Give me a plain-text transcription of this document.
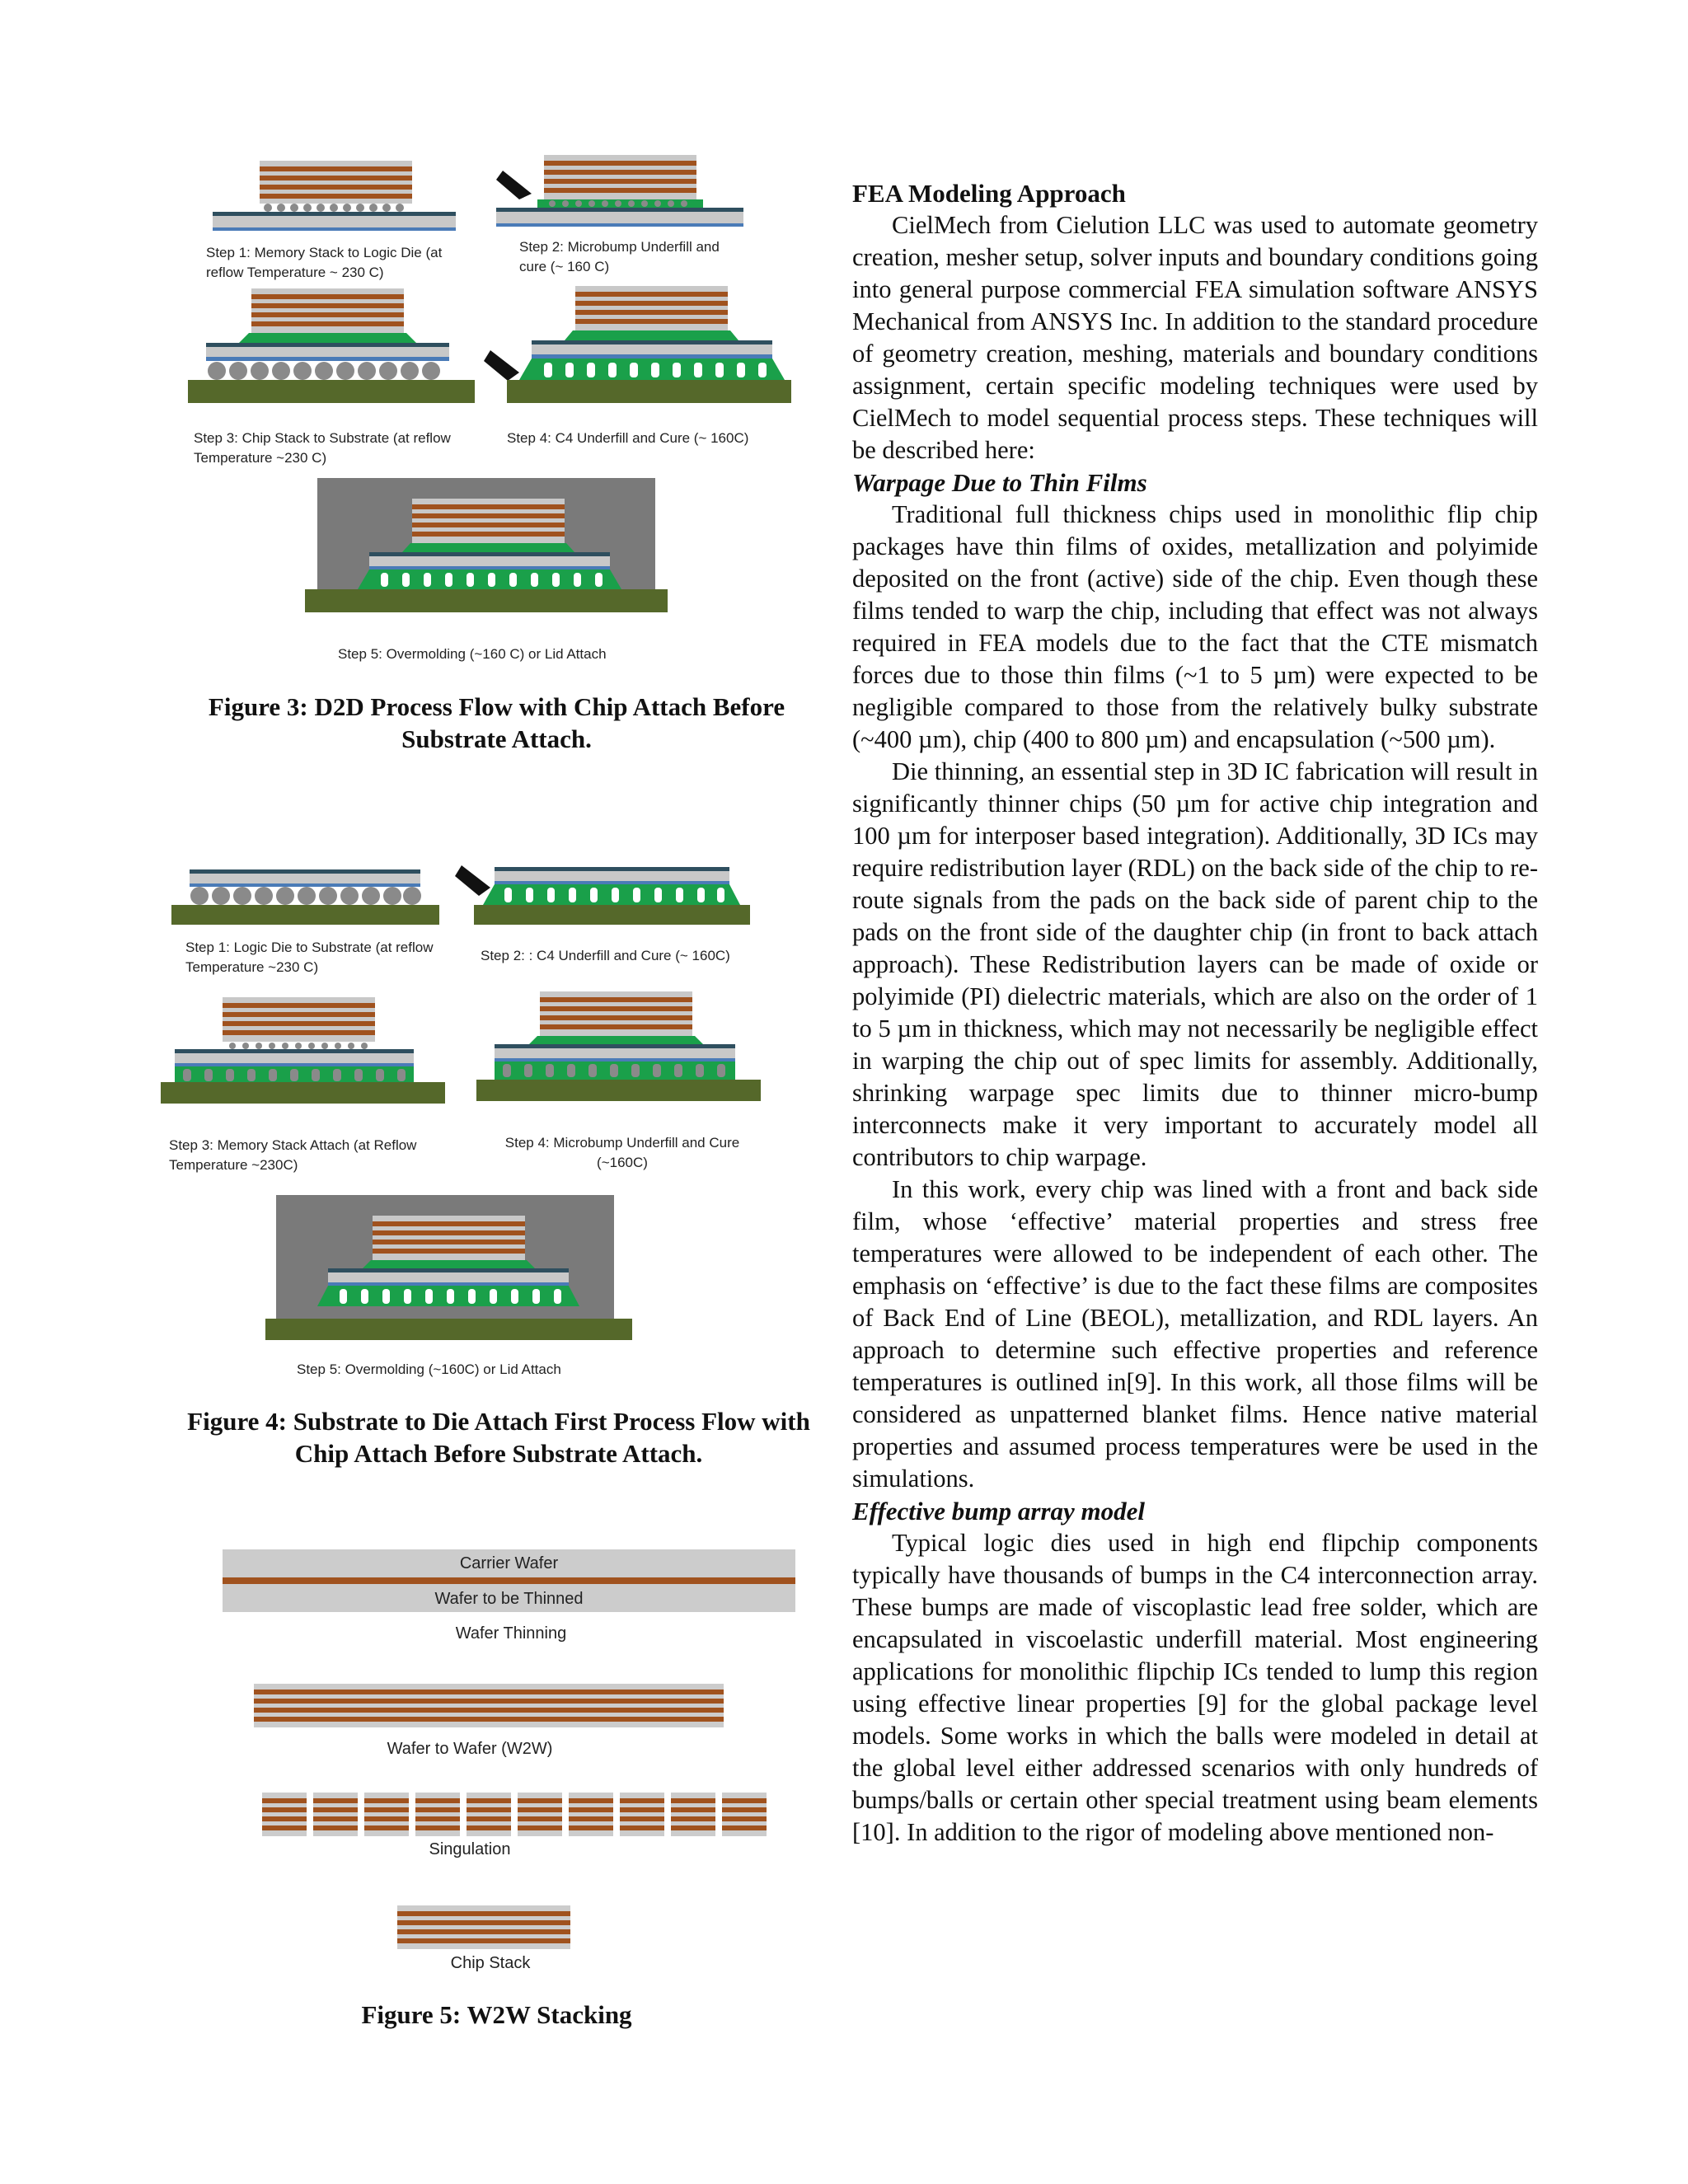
Step 1: Memory Stack to Logic Die (at reflow Temperature ~ 230 C)
Step 2: Microbump Underfill and cure (~ 160 C)
Step 3: Chip Stack to Substrate (at reflow Temperature ~230 C)
Step 4: C4 Underfill and Cure (~ 160C)
Step 5: Overmolding (~160 C) or Lid Attach
Figure 3: D2D Process Flow with Chip Attach Before Substrate Attach.
Step 1: Logic Die to Substrate (at reflow Temperature ~230 C)
Step 2: : C4 Underfill and Cure (~ 160C)
Step 3: Memory Stack Attach (at Reflow Temperature ~230C)
Step 4: Microbump Underfill and Cure (~160C)
Step 5: Overmolding (~160C) or Lid Attach
Figure 4: Substrate to Die Attach First Process Flow with Chip Attach Before Substrate Attach.
Carrier Wafer
Wafer to be Thinned
Wafer Thinning
Wafer to Wafer (W2W)
Singulation
Chip Stack
Figure 5: W2W Stacking

FEA Modeling Approach

CielMech from Cielution LLC was used to automate geometry creation, mesher setup, solver inputs and boundary conditions going into general purpose commercial FEA simulation software ANSYS Mechanical from ANSYS Inc. In addition to the standard procedure of geometry creation, meshing, materials and boundary conditions assignment, certain specific modeling techniques were used by CielMech to model sequential process steps. These techniques will be described here:

Warpage Due to Thin Films

Traditional full thickness chips used in monolithic flip chip packages have thin films of oxides, metallization and polyimide deposited on the front (active) side of the chip. Even though these films tended to warp the chip, including that effect was not always required in FEA models due to the fact that the CTE mismatch forces due to those thin films (~1 to 5 µm) were expected to be negligible compared to those from the relatively bulky substrate (~400 µm), chip (400 to 800 µm) and encapsulation (~500 µm).

Die thinning, an essential step in 3D IC fabrication will result in significantly thinner chips (50 µm for active chip integration and 100 µm for interposer based integration). Additionally, 3D ICs may require redistribution layer (RDL) on the back side of the chip to re-route signals from the pads on the back side of parent chip to the pads on the front side of the daughter chip (in front to back attach approach). These Redistribution layers can be made of oxide or polyimide (PI) dielectric materials, which are also on the order of 1 to 5 µm in thickness, which may not necessarily be negligible effect in warping the chip out of spec limits for assembly. Additionally, shrinking warpage spec limits due to thinner micro-bump interconnects make it very important to accurately model all contributors to chip warpage.

In this work, every chip was lined with a front and back side film, whose ‘effective’ material properties and stress free temperatures were allowed to be independent of each other. The emphasis on ‘effective’ is due to the fact these films are composites of Back End of Line (BEOL), metallization, and RDL layers. An approach to determine such effective properties and reference temperatures is outlined in[9]. In this work, all those films will be considered as unpatterned blanket films. Hence native material properties and assumed process temperatures were be used in the simulations.

Effective bump array model

Typical logic dies used in high end flipchip components typically have thousands of bumps in the C4 interconnection array. These bumps are made of viscoplastic lead free solder, which are encapsulated in viscoelastic underfill material. Most engineering applications for monolithic flipchip ICs tended to lump this region using effective linear properties [9] for the global package level models. Some works in which the balls were modeled in detail at the global level either addressed scenarios with only hundreds of bumps/balls or certain other special treatment using beam elements [10]. In addition to the rigor of modeling above mentioned non-
